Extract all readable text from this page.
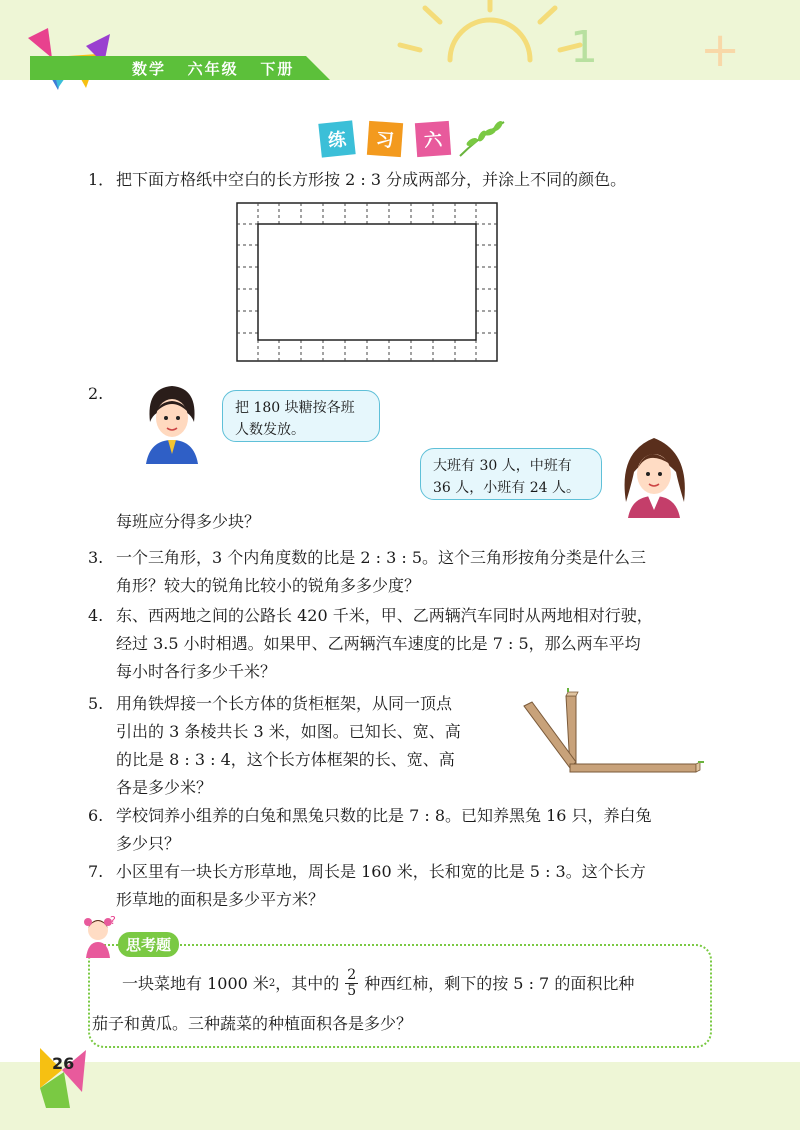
1 +
数学   六年级   下册
练	习	六
1． 把下面方格纸中空白的长方形按 2 : 3 分成两部分，并涂上不同的颜色。
2.
把 180 块糖按各班
人数发放。
大班有 30 人，中班有
36 人，小班有 24 人。
每班应分得多少块？
3. 一个三角形，3 个内角度数的比是 2 : 3 : 5。这个三角形按角分类是什么三
角形？较大的锐角比较小的锐角多多少度？
4. 东、西两地之间的公路长 420 千米，甲、乙两辆汽车同时从两地相对行驶，
经过 3.5 小时相遇。如果甲、乙两辆汽车速度的比是 7 : 5，那么两车平均
每小时各行多少千米？
5. 用角铁焊接一个长方体的货柜框架，从同一顶点
引出的 3 条棱共长 3 米，如图。已知长、宽、高
的比是 8 : 3 : 4，这个长方体框架的长、宽、高
各是多少米？
6. 学校饲养小组养的白兔和黑兔只数的比是 7 : 8。已知养黑兔 16 只，养白兔
多少只？
7. 小区里有一块长方形草地，周长是 160 米，长和宽的比是 5 : 3。这个长方
形草地的面积是多少平方米？
?
思考题
一块菜地有 1000 米 2 ，其中的 $\frac{2}{5}$ 种西红柿，剩下的按 5 : 7 的面积比种
茄子和黄瓜。三种蔬菜的种植面积各是多少？
26
